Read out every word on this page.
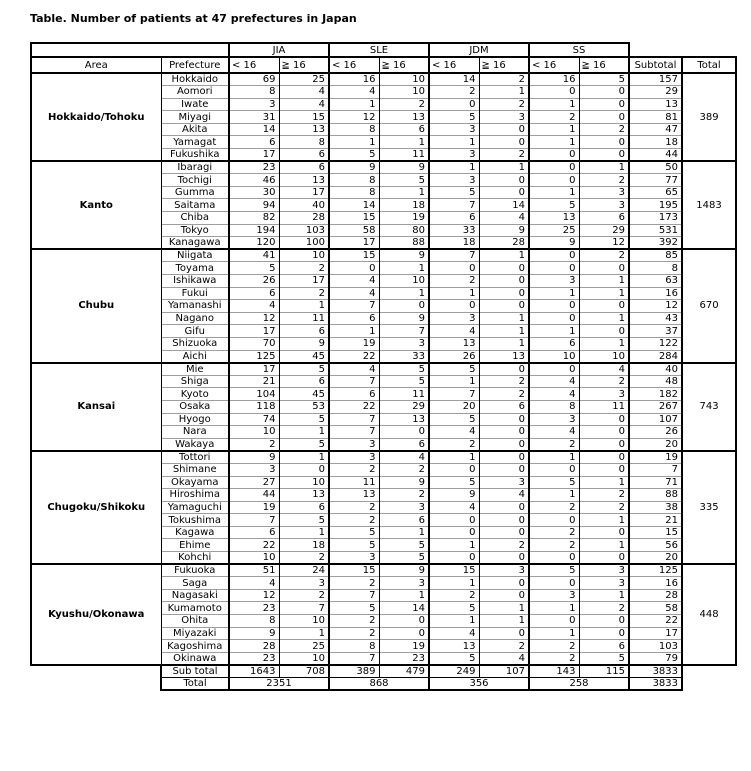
Table. Number of patients at 47 prefectures in Japan
		JIA		SLE		JDM		SS			
Area	Prefecture	< 16	≧ 16	< 16	≧ 16	< 16	≧ 16	< 16	≧ 16	Subtotal	Total
Hokkaido/Tohoku	Hokkaido	69	25	16	10	14	2	16	5	157	389
	Aomori	8	4	4	10	2	1	0	0	29	
	Iwate	3	4	1	2	0	2	1	0	13	
	Miyagi	31	15	12	13	5	3	2	0	81	
	Akita	14	13	8	6	3	0	1	2	47	
	Yamagat	6	8	1	1	1	0	1	0	18	
	Fukushika	17	6	5	11	3	2	0	0	44	
Kanto	Ibaragi	23	6	9	9	1	1	0	1	50	1483
	Tochigi	46	13	8	5	3	0	0	2	77	
	Gumma	30	17	8	1	5	0	1	3	65	
	Saitama	94	40	14	18	7	14	5	3	195	
	Chiba	82	28	15	19	6	4	13	6	173	
	Tokyo	194	103	58	80	33	9	25	29	531	
	Kanagawa	120	100	17	88	18	28	9	12	392	
Chubu	Niigata	41	10	15	9	7	1	0	2	85	670
	Toyama	5	2	0	1	0	0	0	0	8	
	Ishikawa	26	17	4	10	2	0	3	1	63	
	Fukui	6	2	4	1	1	0	1	1	16	
	Yamanashi	4	1	7	0	0	0	0	0	12	
	Nagano	12	11	6	9	3	1	0	1	43	
	Gifu	17	6	1	7	4	1	1	0	37	
	Shizuoka	70	9	19	3	13	1	6	1	122	
	Aichi	125	45	22	33	26	13	10	10	284	
Kansai	Mie	17	5	4	5	5	0	0	4	40	743
	Shiga	21	6	7	5	1	2	4	2	48	
	Kyoto	104	45	6	11	7	2	4	3	182	
	Osaka	118	53	22	29	20	6	8	11	267	
	Hyogo	74	5	7	13	5	0	3	0	107	
	Nara	10	1	7	0	4	0	4	0	26	
	Wakaya	2	5	3	6	2	0	2	0	20	
Chugoku/Shikoku	Tottori	9	1	3	4	1	0	1	0	19	335
	Shimane	3	0	2	2	0	0	0	0	7	
	Okayama	27	10	11	9	5	3	5	1	71	
	Hiroshima	44	13	13	2	9	4	1	2	88	
	Yamaguchi	19	6	2	3	4	0	2	2	38	
	Tokushima	7	5	2	6	0	0	0	1	21	
	Kagawa	6	1	5	1	0	0	2	0	15	
	Ehime	22	18	5	5	1	2	2	1	56	
	Kohchi	10	2	3	5	0	0	0	0	20	
Kyushu/Okonawa	Fukuoka	51	24	15	9	15	3	5	3	125	448
	Saga	4	3	2	3	1	0	0	3	16	
	Nagasaki	12	2	7	1	2	0	3	1	28	
	Kumamoto	23	7	5	14	5	1	1	2	58	
	Ohita	8	10	2	0	1	1	0	0	22	
	Miyazaki	9	1	2	0	4	0	1	0	17	
	Kagoshima	28	25	8	19	13	2	2	6	103	
	Okinawa	23	10	7	23	5	4	2	5	79	
	Sub total	1643	708	389	479	249	107	143	115	3833	
	Total	2351		868		356		258		3833	
